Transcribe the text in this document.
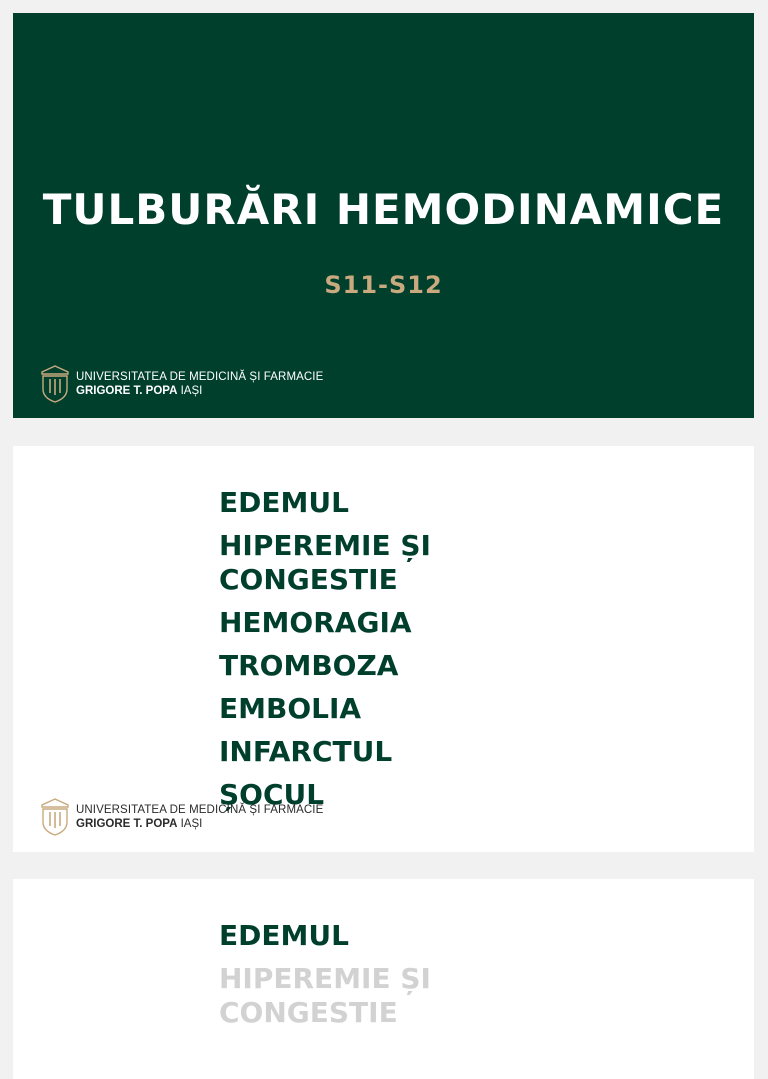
TULBURĂRI HEMODINAMICE
S11-S12
UNIVERSITATEA DE MEDICINĂ ȘI FARMACIE
GRIGORE T. POPA IAȘI
EDEMUL
HIPEREMIE ȘI CONGESTIE
HEMORAGIA
TROMBOZA
EMBOLIA
INFARCTUL
ȘOCUL
UNIVERSITATEA DE MEDICINĂ ȘI FARMACIE
GRIGORE T. POPA IAȘI
EDEMUL
HIPEREMIE ȘI CONGESTIE
